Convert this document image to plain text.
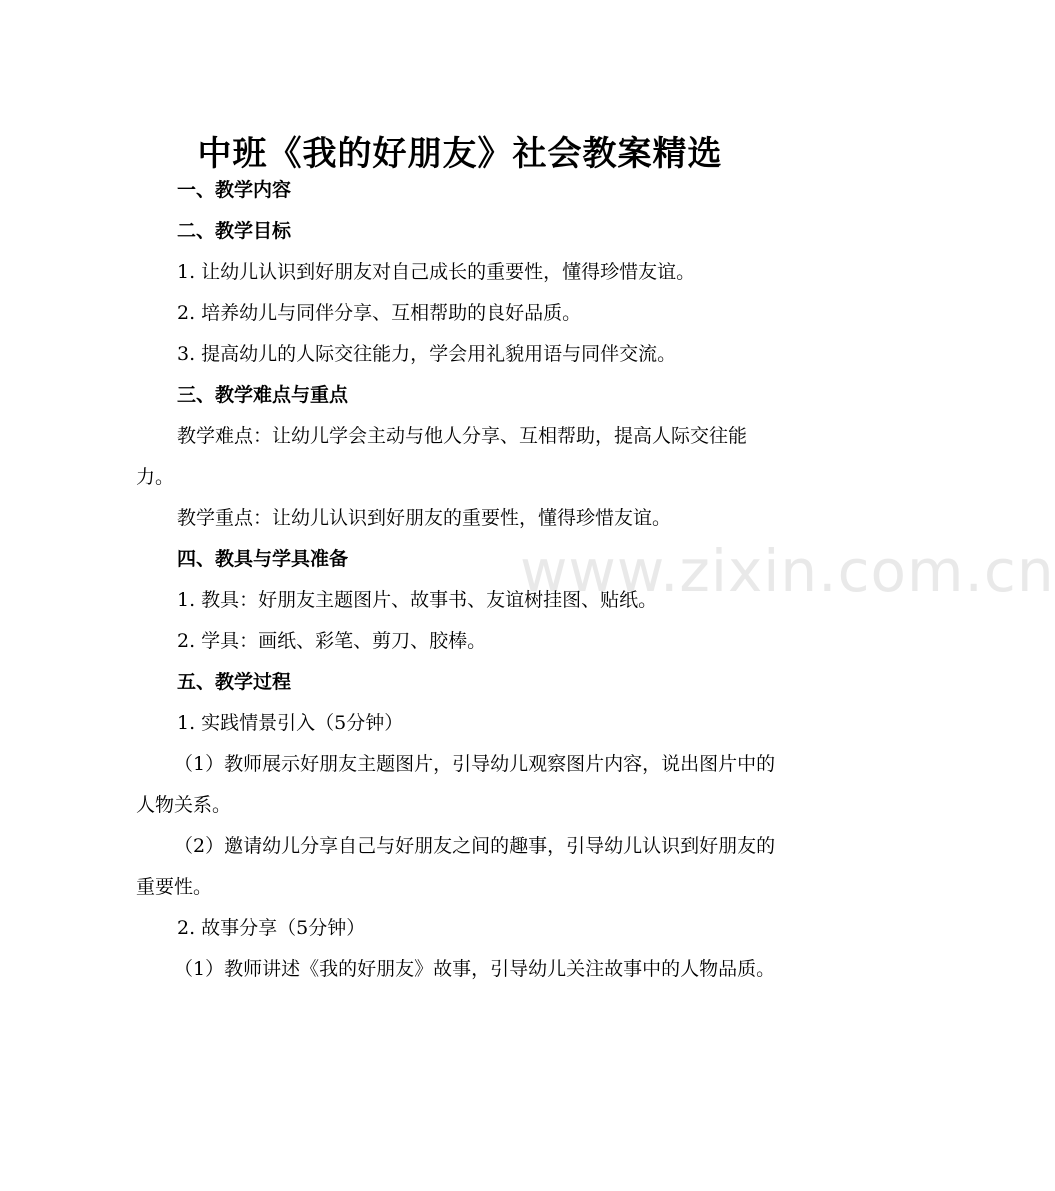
www.zixin.com.cn
中班《我的好朋友》社会教案精选

一、教学内容

二、教学目标

1. 让幼儿认识到好朋友对自己成长的重要性，懂得珍惜友谊。

2. 培养幼儿与同伴分享、互相帮助的良好品质。

3. 提高幼儿的人际交往能力，学会用礼貌用语与同伴交流。

三、教学难点与重点

教学难点：让幼儿学会主动与他人分享、互相帮助，提高人际交往能力。

教学重点：让幼儿认识到好朋友的重要性，懂得珍惜友谊。

四、教具与学具准备

1. 教具：好朋友主题图片、故事书、友谊树挂图、贴纸。

2. 学具：画纸、彩笔、剪刀、胶棒。

五、教学过程

1. 实践情景引入（5分钟）

（1）教师展示好朋友主题图片，引导幼儿观察图片内容，说出图片中的人物关系。

（2）邀请幼儿分享自己与好朋友之间的趣事，引导幼儿认识到好朋友的重要性。

2. 故事分享（5分钟）

（1）教师讲述《我的好朋友》故事，引导幼儿关注故事中的人物品质。
